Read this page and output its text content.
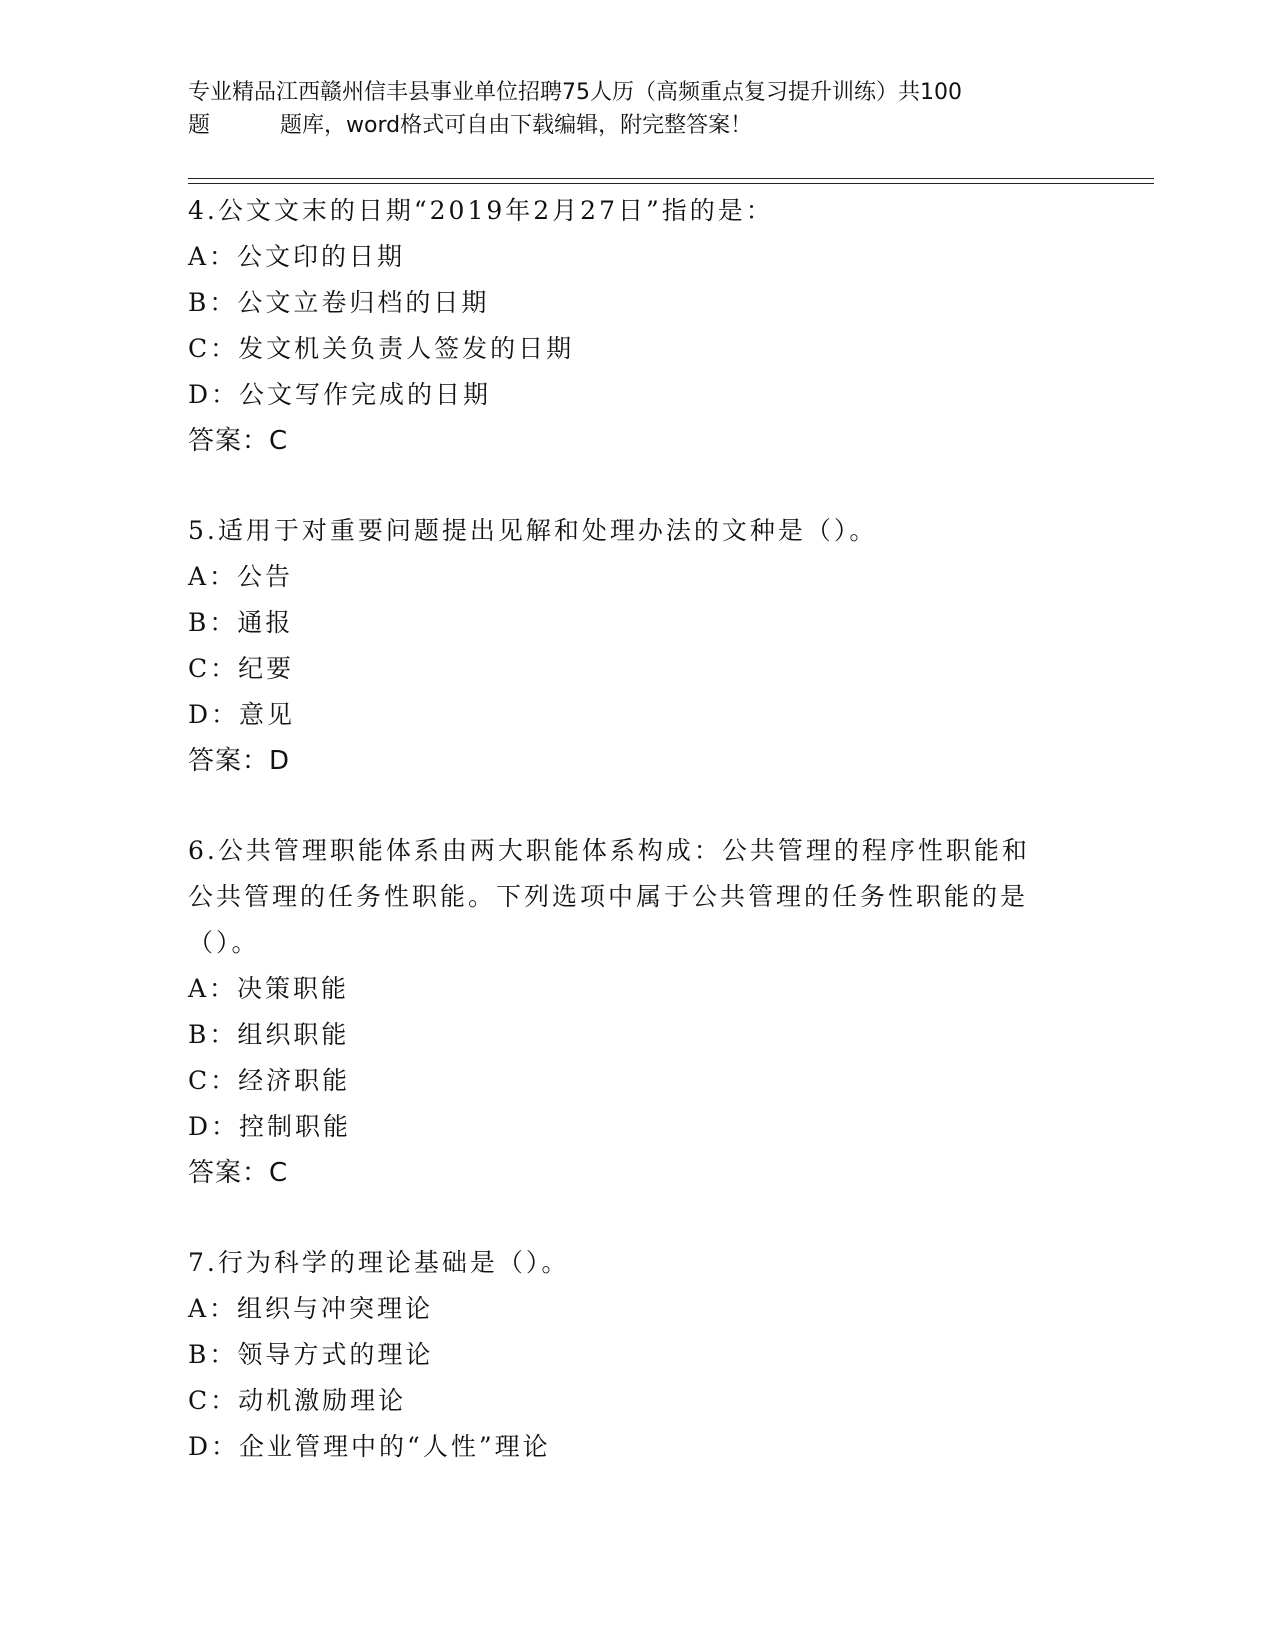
专业精品江西赣州信丰县事业单位招聘75人历（高频重点复习提升训练）共100
题	题库，word格式可自由下载编辑，附完整答案！
4.公文文末的日期“2019年2月27日”指的是：
A：公文印的日期
B：公文立卷归档的日期
C：发文机关负责人签发的日期
D：公文写作完成的日期
答案：C
5.适用于对重要问题提出见解和处理办法的文种是（）。
A：公告
B：通报
C：纪要
D：意见
答案：D
6.公共管理职能体系由两大职能体系构成：公共管理的程序性职能和
公共管理的任务性职能。下列选项中属于公共管理的任务性职能的是
（）。
A：决策职能
B：组织职能
C：经济职能
D：控制职能
答案：C
7.行为科学的理论基础是（）。
A：组织与冲突理论
B：领导方式的理论
C：动机激励理论
D：企业管理中的“人性”理论
